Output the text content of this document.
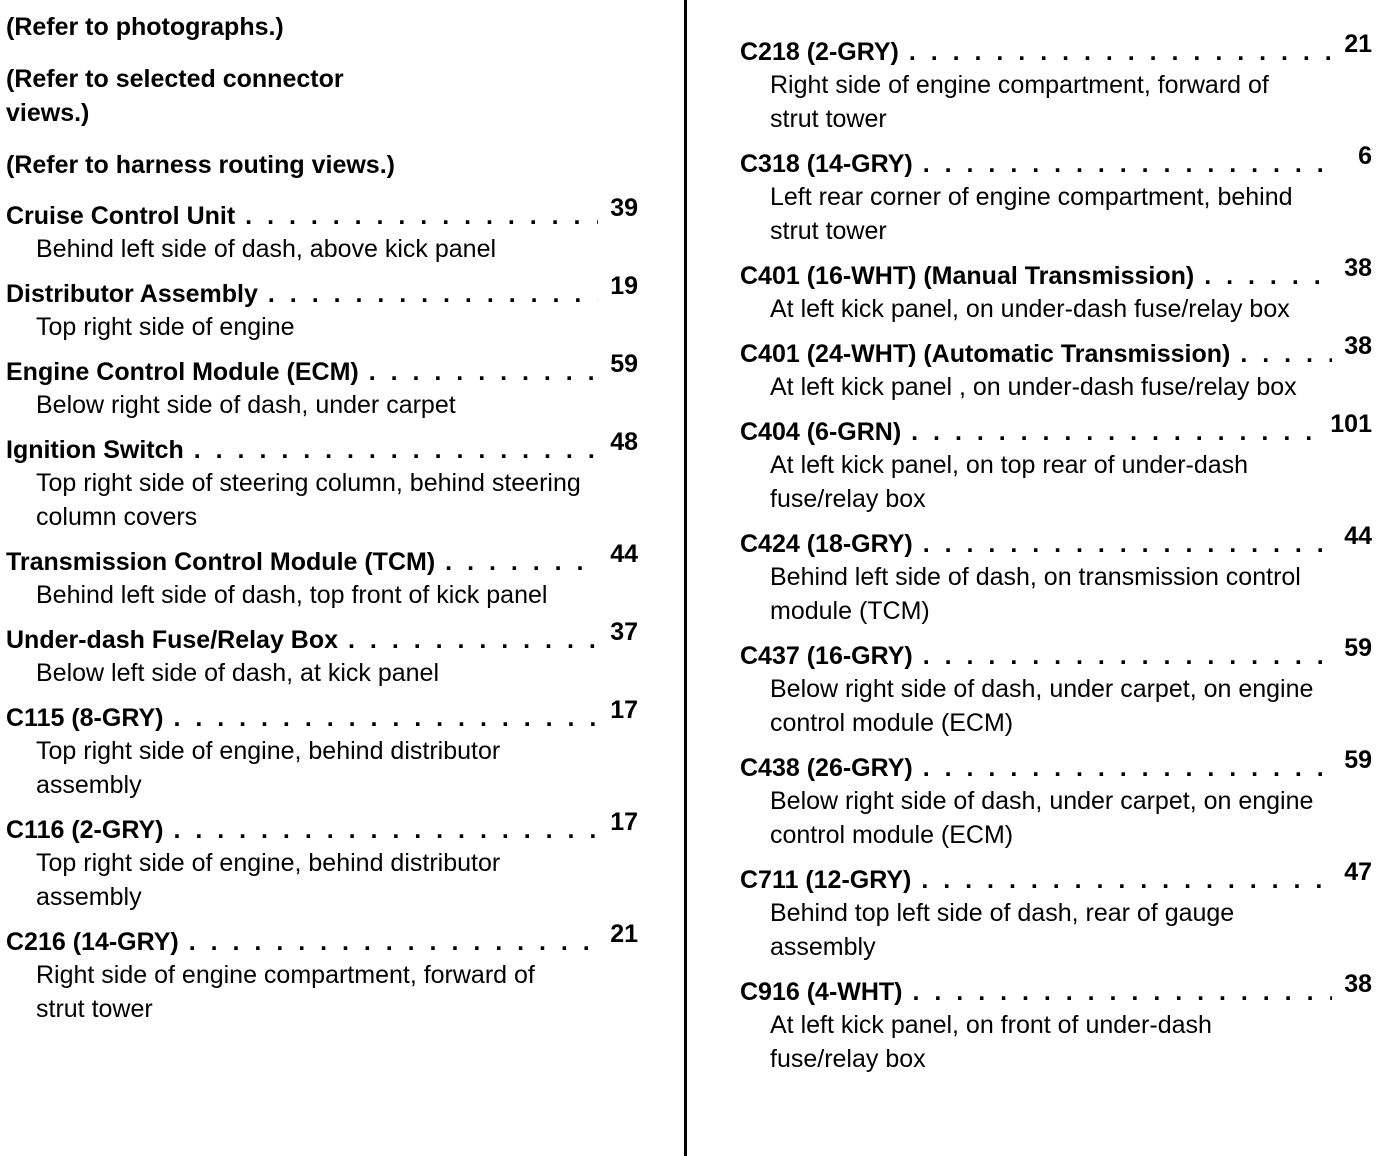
(Refer to photographs.)
(Refer to selected connector views.)
(Refer to harness routing views.)
Cruise Control Unit . . .	39
Behind left side of dash, above kick panel
Distributor Assembly . . .	19
Top right side of engine
Engine Control Module (ECM) . . .	59
Below right side of dash, under carpet
Ignition Switch . . .	48
Top right side of steering column, behind steering column covers
Transmission Control Module (TCM) . . .	44
Behind left side of dash, top front of kick panel
Under-dash Fuse/Relay Box . . .	37
Below left side of dash, at kick panel
C115 (8-GRY) . . .	17
Top right side of engine, behind distributor assembly
C116 (2-GRY) . . .	17
Top right side of engine, behind distributor assembly
C216 (14-GRY) . . .	21
Right side of engine compartment, forward of strut tower
C218 (2-GRY) . . .	21
Right side of engine compartment, forward of strut tower
C318 (14-GRY) . . .	6
Left rear corner of engine compartment, behind strut tower
C401 (16-WHT) (Manual Transmission) . . .	38
At left kick panel, on under-dash fuse/relay box
C401 (24-WHT) (Automatic Transmission) . . .	38
At left kick panel , on under-dash fuse/relay box
C404 (6-GRN) . . .	101
At left kick panel, on top rear of under-dash fuse/relay box
C424 (18-GRY) . . .	44
Behind left side of dash, on transmission control module (TCM)
C437 (16-GRY) . . .	59
Below right side of dash, under carpet, on engine control module (ECM)
C438 (26-GRY) . . .	59
Below right side of dash, under carpet, on engine control module (ECM)
C711 (12-GRY) . . .	47
Behind top left side of dash, rear of gauge assembly
C916 (4-WHT) . . .	38
At left kick panel, on front of under-dash fuse/relay box
